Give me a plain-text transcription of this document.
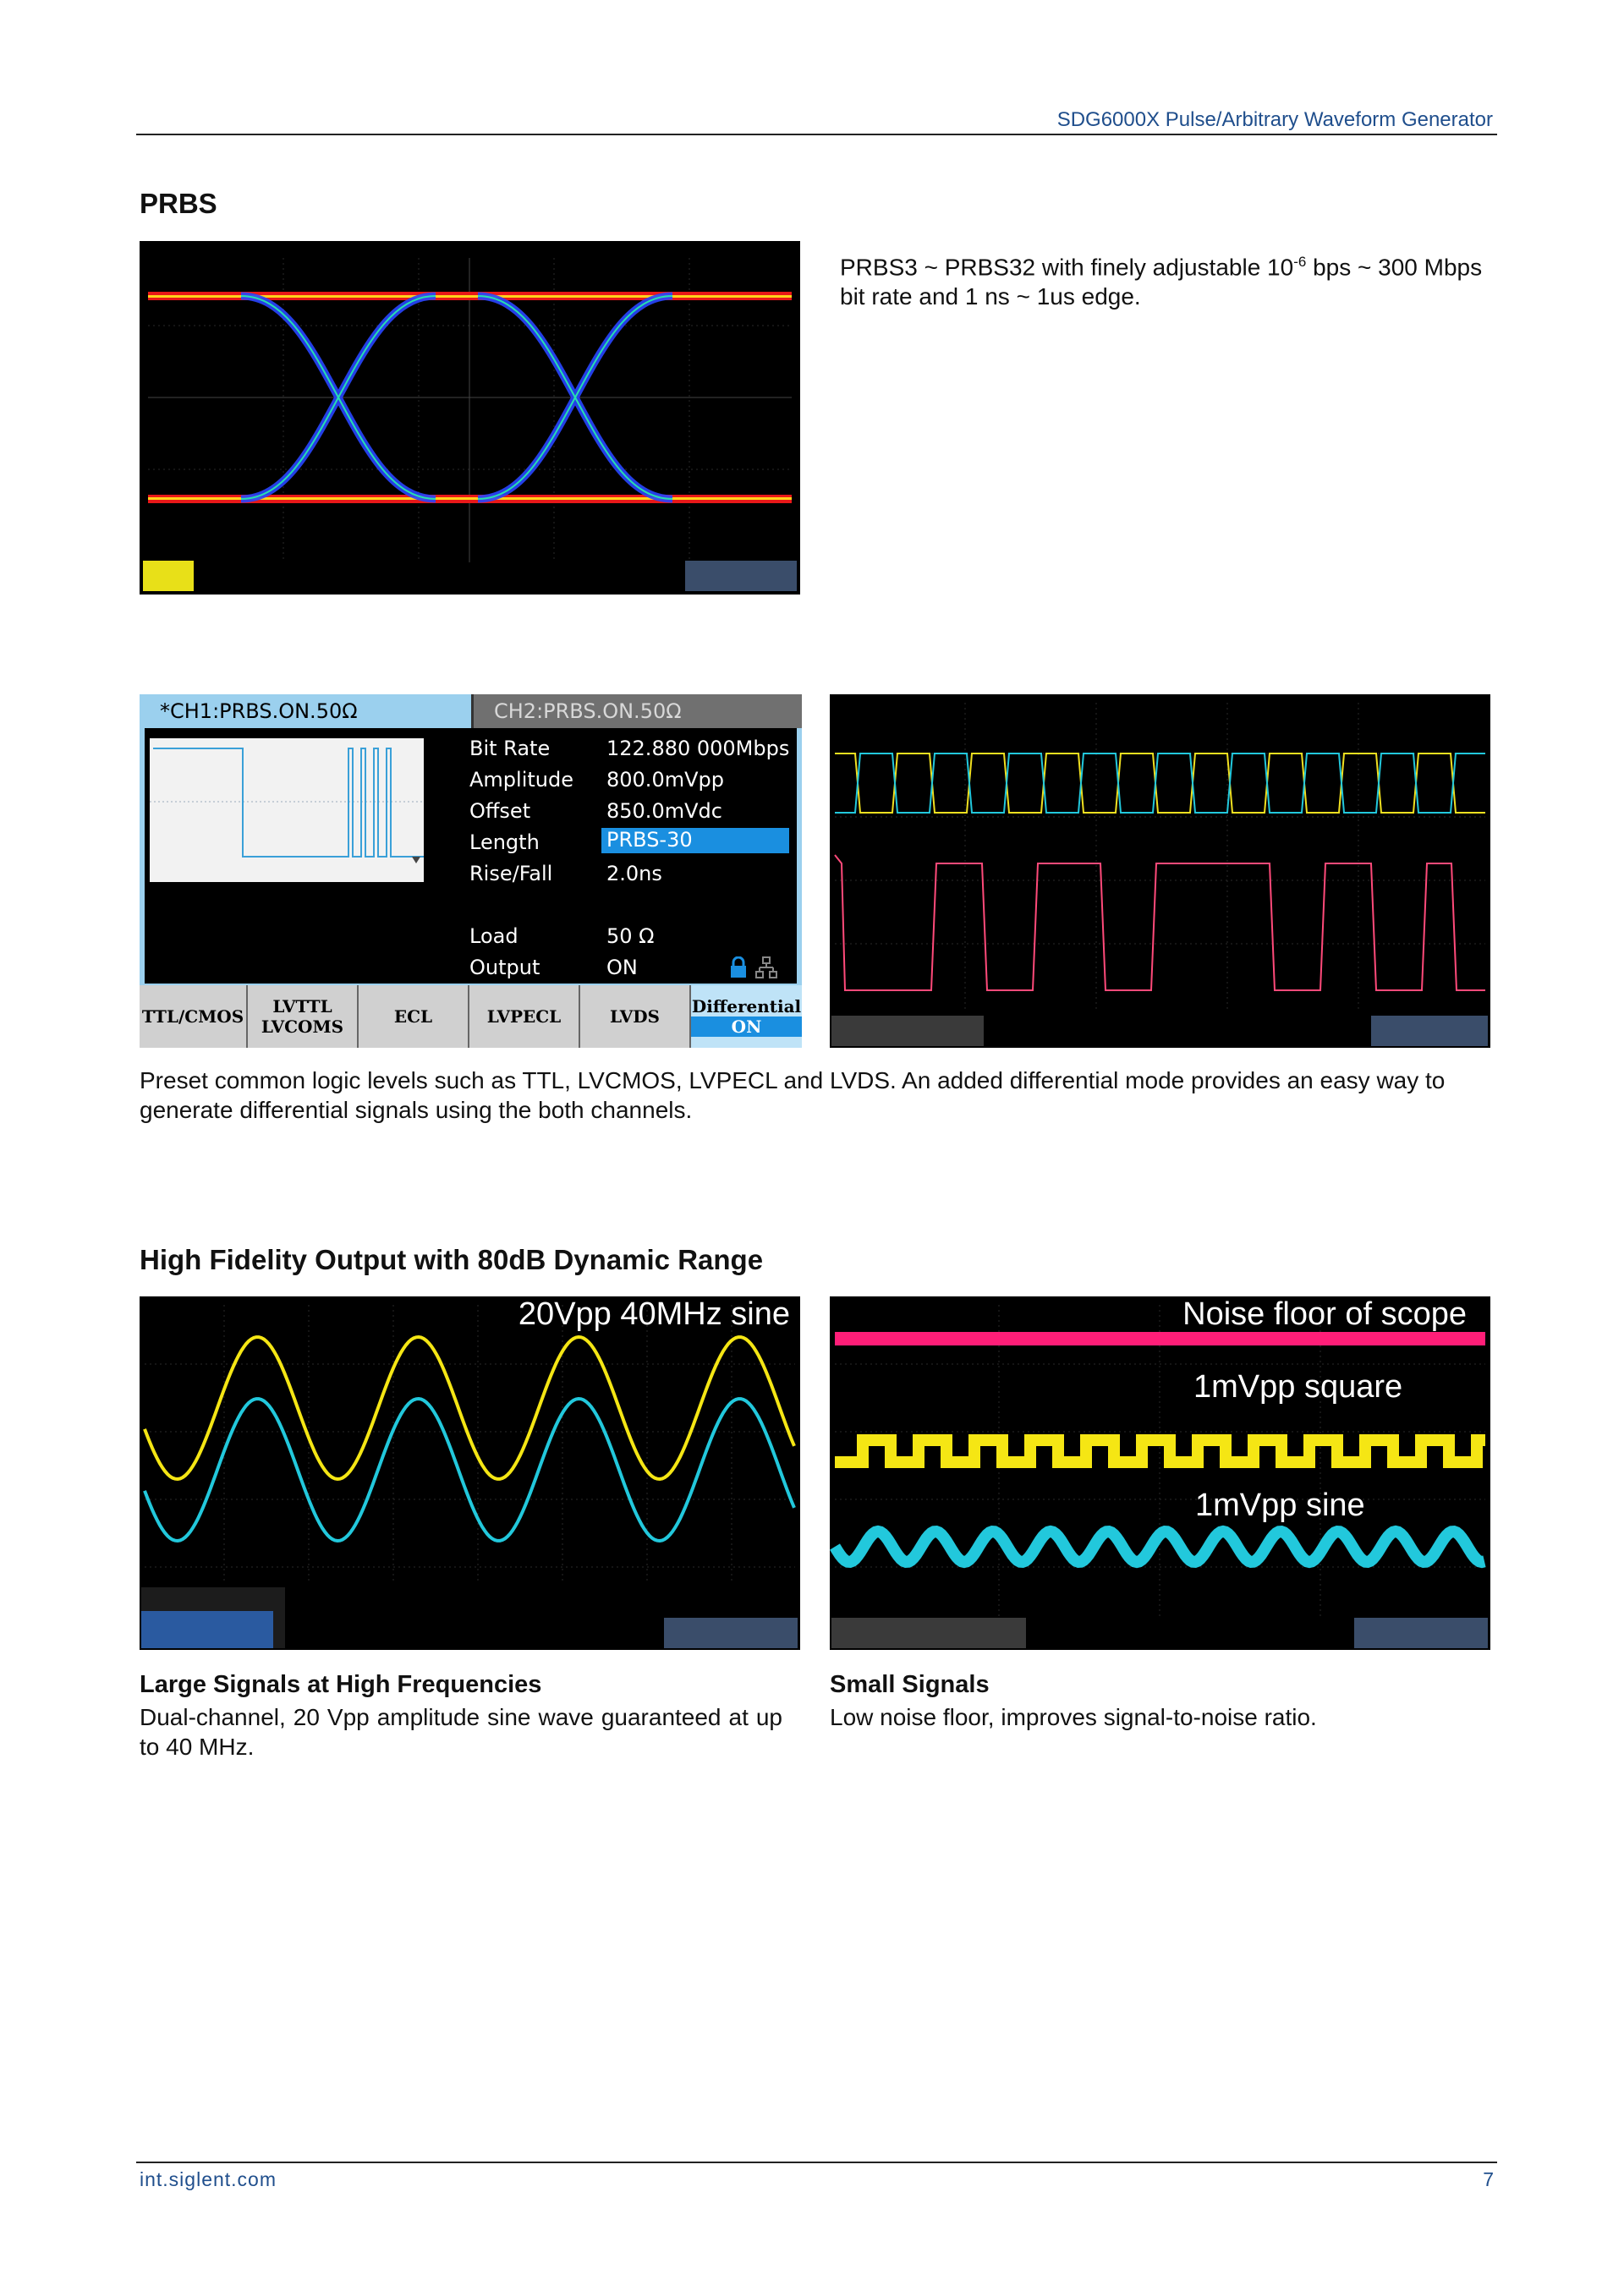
SDG6000X Pulse/Arbitrary Waveform Generator
PRBS
PRBS3 ~ PRBS32 with finely adjustable $10^{-6}$ bps ~ 300 Mbps bit rate and 1 ns ~ 1us edge.
*CH1:PRBS.ON.50Ω	CH2:PRBS.ON.50Ω
Bit Rate	122.880 000Mbps
Amplitude 800.0mVpp
Offset	850.0mVdc
Length	PRBS-30
Rise/Fall	2.0ns
Load	50 Ω
Output	ON
TTL/CMOS LVTTL
LVCOMS	ECL	LVPECL	LVDS Differential
ON
Preset common logic levels such as TTL, LVCMOS, LVPECL and LVDS. An added differential mode provides an easy way to generate differential signals using the both channels.
High Fidelity Output with 80dB Dynamic Range
20Vpp 40MHz sine	Noise floor of scope
1mVpp square
1mVpp sine
Large Signals at High Frequencies
Dual-channel, 20 Vpp amplitude sine wave guaranteed at up to 40 MHz.
Small Signals
Low noise floor, improves signal-to-noise ratio.
int.siglent.com	7
